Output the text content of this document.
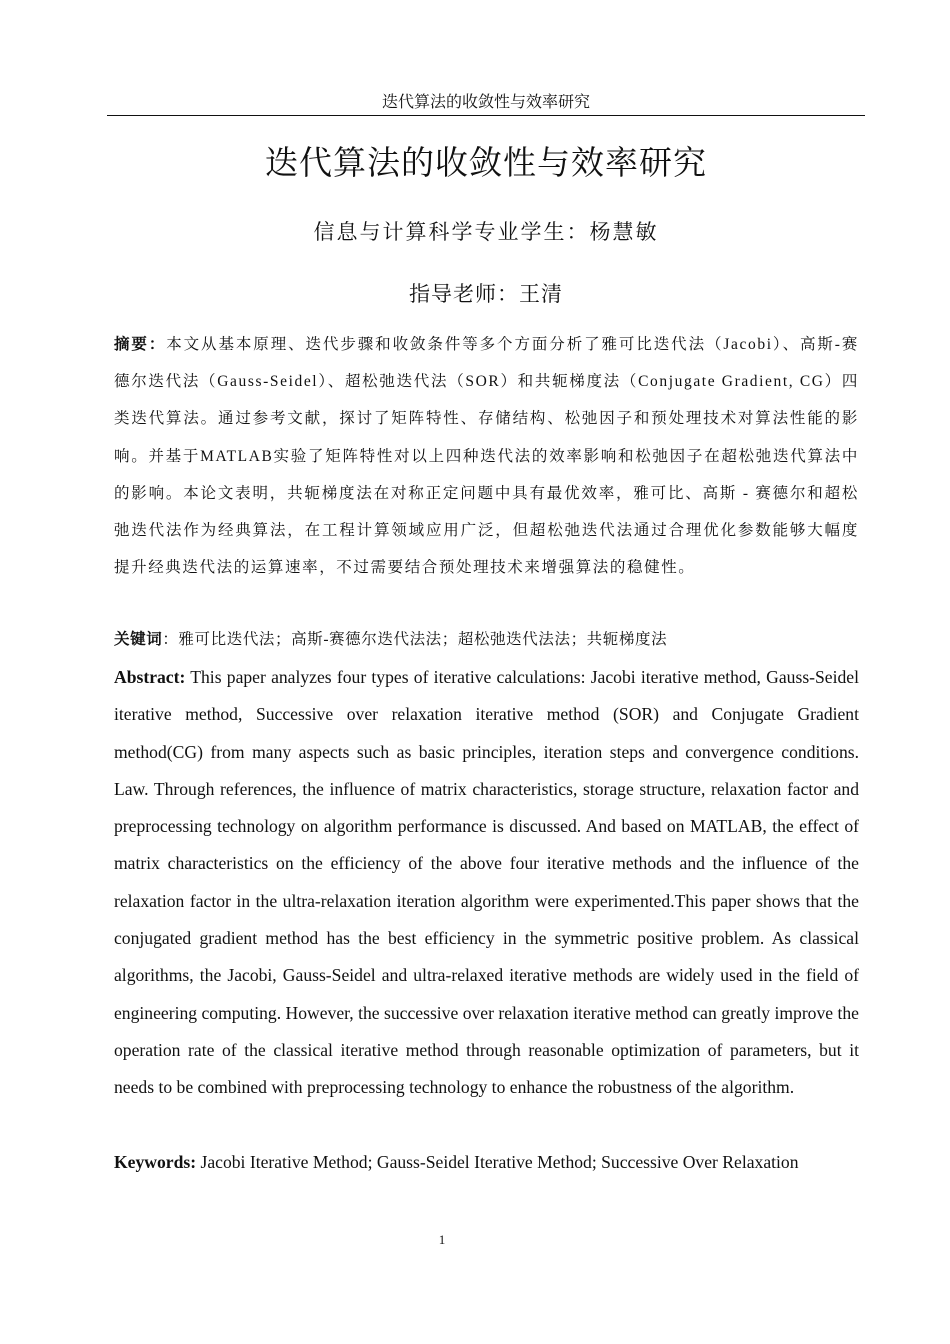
迭代算法的收敛性与效率研究
迭代算法的收敛性与效率研究
信息与计算科学专业学生：杨慧敏
指导老师：王清
摘要：本文从基本原理、迭代步骤和收敛条件等多个方面分析了雅可比迭代法（Jacobi）、高斯-赛德尔迭代法（Gauss-Seidel）、超松弛迭代法（SOR）和共轭梯度法（Conjugate Gradient, CG）四类迭代算法。通过参考文献，探讨了矩阵特性、存储结构、松弛因子和预处理技术对算法性能的影响。并基于MATLAB实验了矩阵特性对以上四种迭代法的效率影响和松弛因子在超松弛迭代算法中的影响。本论文表明，共轭梯度法在对称正定问题中具有最优效率，雅可比、高斯 - 赛德尔和超松弛迭代法作为经典算法，在工程计算领域应用广泛，但超松弛迭代法通过合理优化参数能够大幅度提升经典迭代法的运算速率，不过需要结合预处理技术来增强算法的稳健性。
关键词：雅可比迭代法；高斯-赛德尔迭代法法；超松弛迭代法法；共轭梯度法
Abstract: This paper analyzes four types of iterative calculations: Jacobi iterative method, Gauss-Seidel iterative method, Successive over relaxation iterative method (SOR) and Conjugate Gradient method(CG) from many aspects such as basic principles, iteration steps and convergence conditions. Law. Through references, the influence of matrix characteristics, storage structure, relaxation factor and preprocessing technology on algorithm performance is discussed. And based on MATLAB, the effect of matrix characteristics on the efficiency of the above four iterative methods and the influence of the relaxation factor in the ultra-relaxation iteration algorithm were experimented.This paper shows that the conjugated gradient method has the best efficiency in the symmetric positive problem. As classical algorithms, the Jacobi, Gauss-Seidel and ultra-relaxed iterative methods are widely used in the field of engineering computing. However, the successive over relaxation iterative method can greatly improve the operation rate of the classical iterative method through reasonable optimization of parameters, but it needs to be combined with preprocessing technology to enhance the robustness of the algorithm.
Keywords: Jacobi Iterative Method; Gauss-Seidel Iterative Method; Successive Over Relaxation
1
